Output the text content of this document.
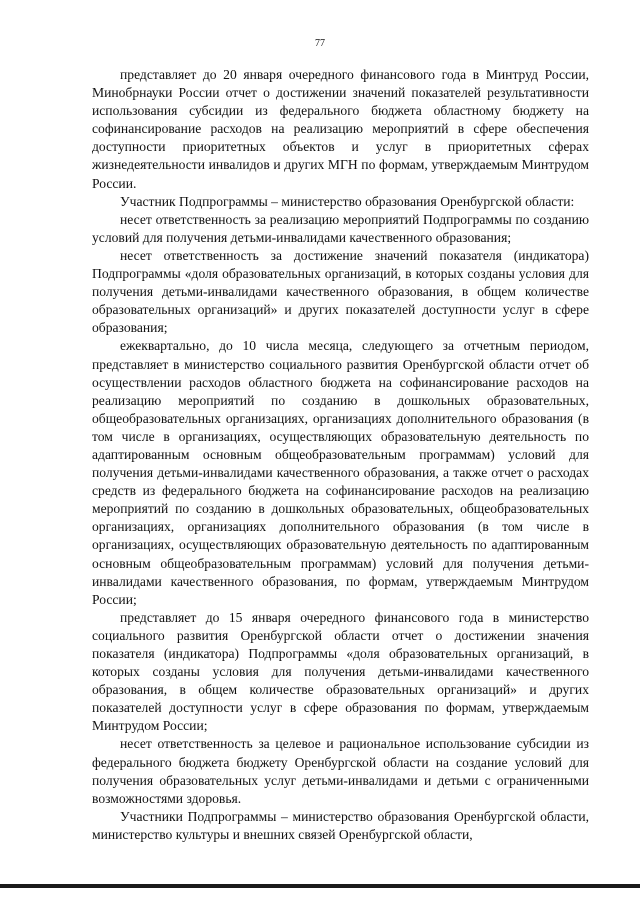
77

представляет до 20 января очередного финансового года в Минтруд России, Минобрнауки России отчет о достижении значений показателей результативности использования субсидии из федерального бюджета областному бюджету на софинансирование расходов на реализацию мероприятий в сфере обеспечения доступности приоритетных объектов и услуг в приоритетных сферах жизнедеятельности инвалидов и других МГН по формам, утверждаемым Минтрудом России.

Участник Подпрограммы – министерство образования Оренбургской области:

несет ответственность за реализацию мероприятий Подпрограммы по созданию условий для получения детьми-инвалидами качественного образования;

несет ответственность за достижение значений показателя (индикатора) Подпрограммы «доля образовательных организаций, в которых созданы условия для получения детьми-инвалидами качественного образования, в общем количестве образовательных организаций» и других показателей доступности услуг в сфере образования;

ежеквартально, до 10 числа месяца, следующего за отчетным периодом, представляет в министерство социального развития Оренбургской области отчет об осуществлении расходов областного бюджета на софинансирование расходов на реализацию мероприятий по созданию в дошкольных образовательных, общеобразовательных организациях, организациях дополнительного образования (в том числе в организациях, осуществляющих образовательную деятельность по адаптированным основным общеобразовательным программам) условий для получения детьми-инвалидами качественного образования, а также отчет о расходах средств из федерального бюджета на софинансирование расходов на реализацию мероприятий по созданию в дошкольных образовательных, общеобразовательных организациях, организациях дополнительного образования (в том числе в организациях, осуществляющих образовательную деятельность по адаптированным основным общеобразовательным программам) условий для получения детьми-инвалидами качественного образования, по формам, утверждаемым Минтрудом России;

представляет до 15 января очередного финансового года в министерство социального развития Оренбургской области отчет о достижении значения показателя (индикатора) Подпрограммы «доля образовательных организаций, в которых созданы условия для получения детьми-инвалидами качественного образования, в общем количестве образовательных организаций» и других показателей доступности услуг в сфере образования по формам, утверждаемым Минтрудом России;

несет ответственность за целевое и рациональное использование субсидии из федерального бюджета бюджету Оренбургской области на создание условий для получения образовательных услуг детьми-инвалидами и детьми с ограниченными возможностями здоровья.

Участники Подпрограммы – министерство образования Оренбургской области, министерство культуры и внешних связей Оренбургской области,
